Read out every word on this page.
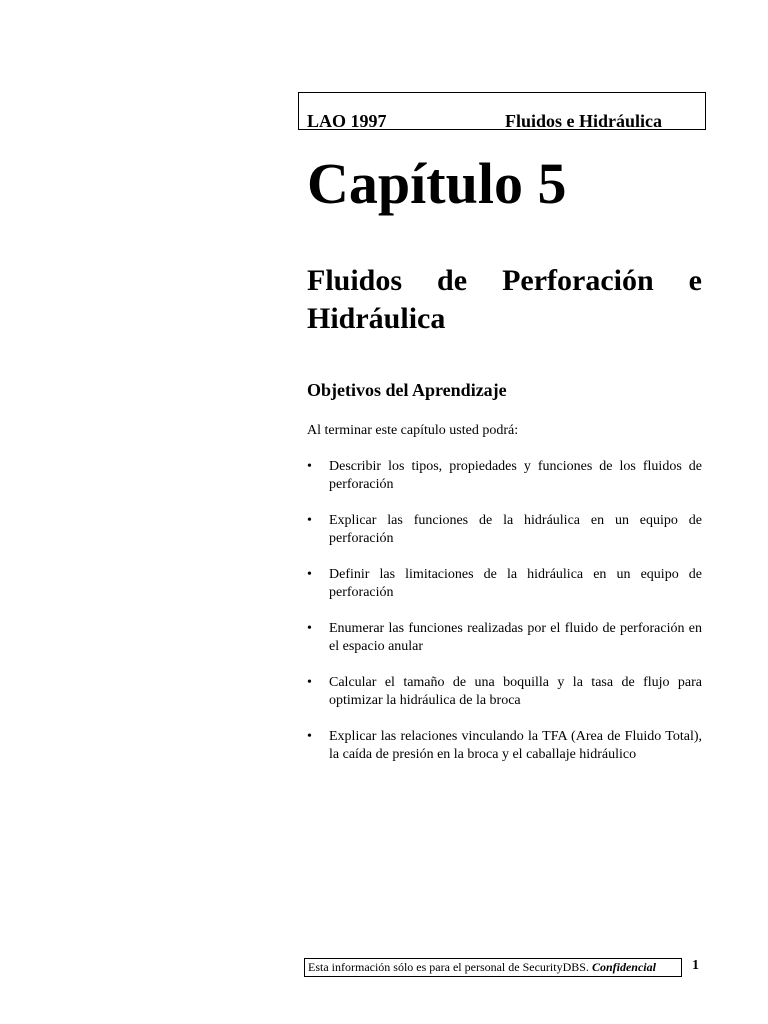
LAO 1997	Fluidos e Hidráulica
Capítulo 5
Fluidos de Perforación e Hidráulica
Objetivos del Aprendizaje
Al terminar este capítulo usted podrá:
• Describir los tipos, propiedades y funciones de los fluidos de perforación
• Explicar las funciones de la hidráulica en un equipo de perforación
• Definir las limitaciones de la hidráulica en un equipo de perforación
• Enumerar las funciones realizadas por el fluido de perforación en el espacio anular
• Calcular el tamaño de una boquilla y la tasa de flujo para optimizar la hidráulica de la broca
• Explicar las relaciones vinculando la TFA (Area de Fluido Total), la caída de presión en la broca y el caballaje hidráulico
Esta información sólo es para el personal de SecurityDBS. Confidencial	1
